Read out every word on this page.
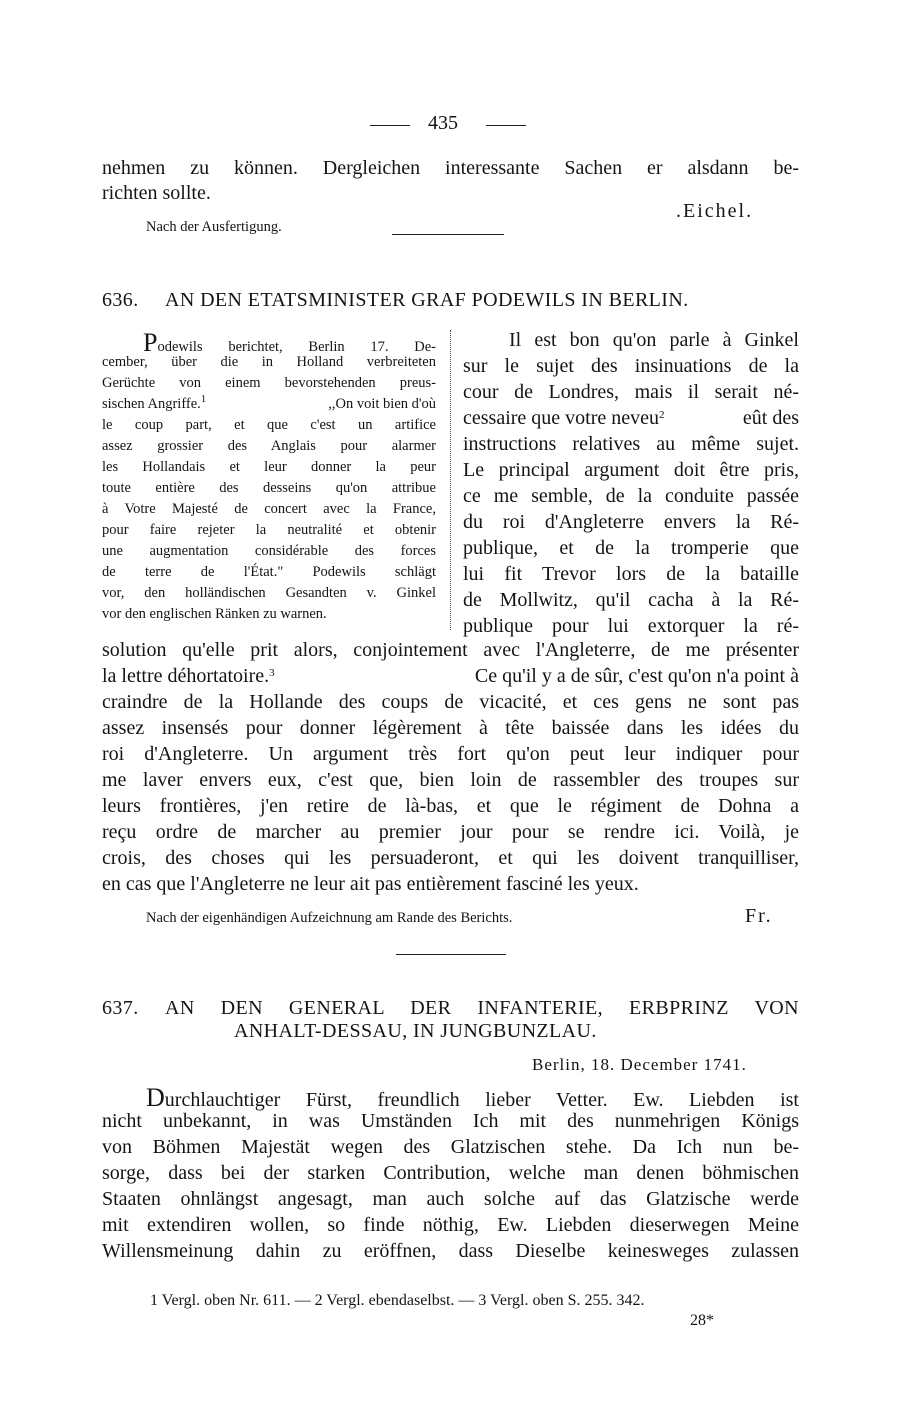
435
nehmen zu können. Dergleichen interessante Sachen er alsdann be-
richten sollte.
.Eichel.
Nach der Ausfertigung.
636. AN DEN ETATSMINISTER GRAF PODEWILS IN BERLIN.
Podewils berichtet, Berlin 17. De-
cember, über die in Holland verbreiteten
Gerüchte von einem bevorstehenden preus-
sischen Angriffe.$^1$	,,On voit bien d'où
le coup part, et que c'est un artifice
assez grossier des Anglais pour alarmer
les Hollandais et leur donner la peur
toute entière des desseins qu'on attribue
à Votre Majesté de concert avec la France,
pour faire rejeter la neutralité et obtenir
une augmentation considérable des forces
de terre de l'État." Podewils schlägt
vor, den holländischen Gesandten v. Ginkel
vor den englischen Ränken zu warnen.
Il est bon qu'on parle à Ginkel
sur le sujet des insinuations de la
cour de Londres, mais il serait né-
cessaire que votre neveu$^2$	eût des
instructions relatives au même sujet.
Le principal argument doit être pris,
ce me semble, de la conduite passée
du roi d'Angleterre envers la Ré-
publique, et de la tromperie que
lui fit Trevor lors de la bataille
de Mollwitz, qu'il cacha à la Ré-
publique pour lui extorquer la ré-
solution qu'elle prit alors, conjointement avec l'Angleterre, de me présenter
la lettre déhortatoire.$^3$	Ce qu'il y a de sûr, c'est qu'on n'a point à
craindre de la Hollande des coups de vicacité, et ces gens ne sont pas
assez insensés pour donner légèrement à tête baissée dans les idées du
roi d'Angleterre. Un argument très fort qu'on peut leur indiquer pour
me laver envers eux, c'est que, bien loin de rassembler des troupes sur
leurs frontières, j'en retire de là-bas, et que le régiment de Dohna a
reçu ordre de marcher au premier jour pour se rendre ici. Voilà, je
crois, des choses qui les persuaderont, et qui les doivent tranquilliser,
en cas que l'Angleterre ne leur ait pas entièrement fasciné les yeux.
Nach der eigenhändigen Aufzeichnung am Rande des Berichts.	Fr.
637. AN DEN GENERAL DER INFANTERIE, ERBPRINZ VON
ANHALT-DESSAU, IN JUNGBUNZLAU.
Berlin, 18. December 1741.
Durchlauchtiger Fürst, freundlich lieber Vetter. Ew. Liebden ist
nicht unbekannt, in was Umständen Ich mit des nunmehrigen Königs
von Böhmen Majestät wegen des Glatzischen stehe. Da Ich nun be-
sorge, dass bei der starken Contribution, welche man denen böhmischen
Staaten ohnlängst angesagt, man auch solche auf das Glatzische werde
mit extendiren wollen, so finde nöthig, Ew. Liebden dieserwegen Meine
Willensmeinung dahin zu eröffnen, dass Dieselbe keinesweges zulassen
1 Vergl. oben Nr. 611. — 2 Vergl. ebendaselbst. — 3 Vergl. oben S. 255. 342.
28*
